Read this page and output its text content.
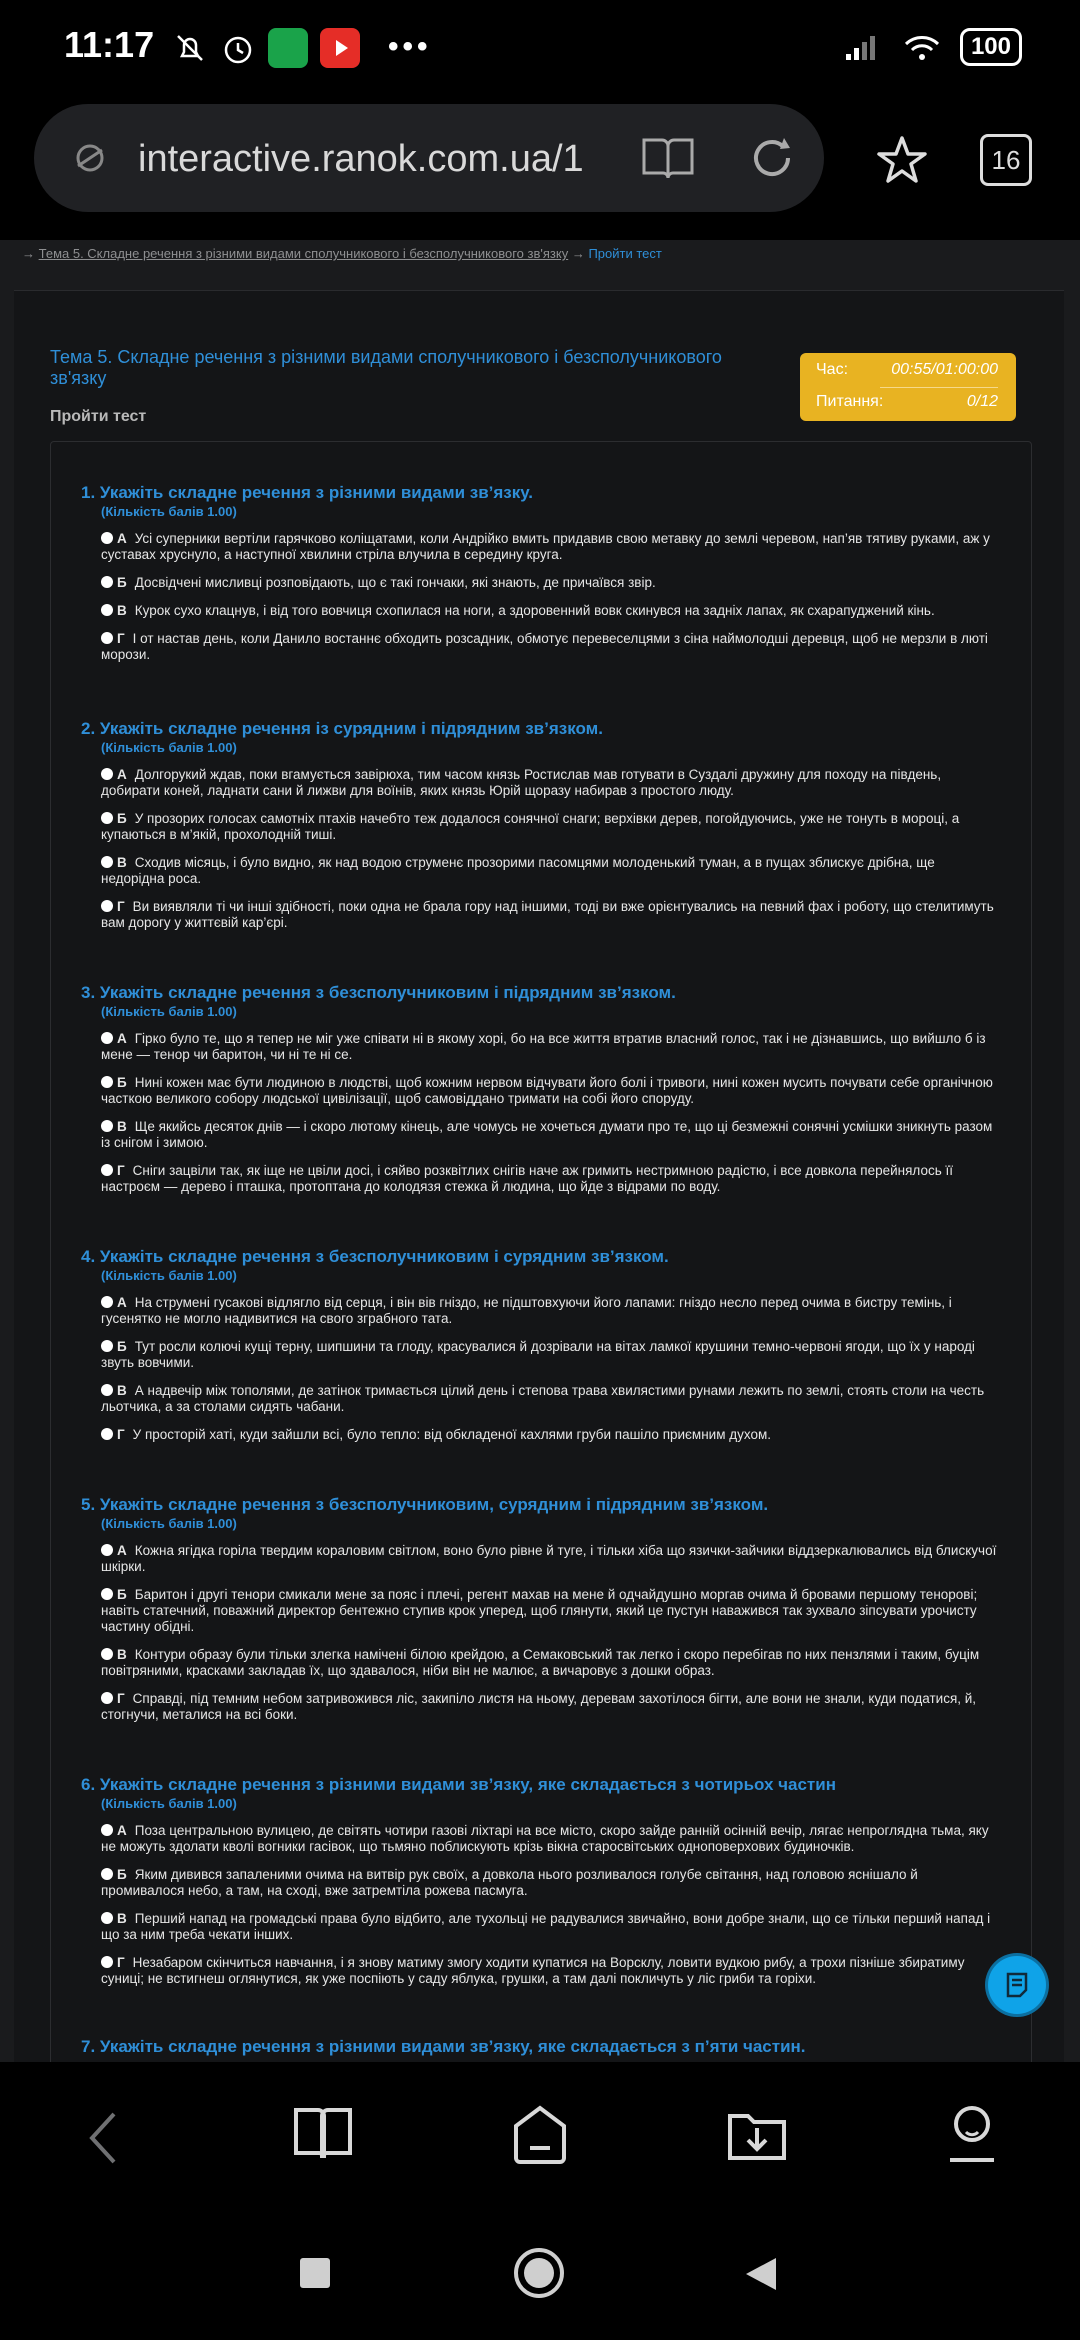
11:17	•••	100
interactive.ranok.com.ua/1	16
→ Тема 5. Складне речення з різними видами сполучникового і безсполучникового зв'язку → Пройти тест
Тема 5. Складне речення з різними видами сполучникового і безсполучникового зв'язку
Пройти тест
Час:	00:55/01:00:00
Питання:	0/12
1. Укажіть складне речення з різними видами зв’язку.
(Кількість балів 1.00)
А Усі суперники вертіли гарячково коліщатами, коли Андрійко вмить придавив свою метавку до землі черевом, нап’яв тятиву руками, аж у суставах хруснуло, а наступної хвилини стріла влучила в середину круга.
Б Досвідчені мисливці розповідають, що є такі гончаки, які знають, де причаївся звір.
В Курок сухо клацнув, і від того вовчиця схопилася на ноги, а здоровенний вовк скинувся на задніх лапах, як схарапуджений кінь.
Г І от настав день, коли Данило востаннє обходить розсадник, обмотує перевеселцями з сіна наймолодші деревця, щоб не мерзли в люті морози.
2. Укажіть складне речення із сурядним і підрядним зв’язком.
(Кількість балів 1.00)
А Долгорукий ждав, поки вгамується завірюха, тим часом князь Ростислав мав готувати в Суздалі дружину для походу на південь, добирати коней, ладнати сани й лижви для воїнів, яких князь Юрій щоразу набирав з простого люду.
Б У прозорих голосах самотніх птахів начебто теж додалося сонячної снаги; верхівки дерев, погойдуючись, уже не тонуть в мороці, а купаються в м’якій, прохолодній тиші.
В Сходив місяць, і було видно, як над водою струменє прозорими пасомцями молоденький туман, а в пущах зблискує дрібна, ще недорідна роса.
Г Ви виявляли ті чи інші здібності, поки одна не брала гору над іншими, тоді ви вже орієнтувались на певний фах і роботу, що стелитимуть вам дорогу у життєвій кар’єрі.
3. Укажіть складне речення з безсполучниковим і підрядним зв’язком.
(Кількість балів 1.00)
А Гірко було те, що я тепер не міг уже співати ні в якому хорі, бо на все життя втратив власний голос, так і не дізнавшись, що вийшло б із мене — тенор чи баритон, чи ні те ні се.
Б Нині кожен має бути людиною в людстві, щоб кожним нервом відчувати його болі і тривоги, нині кожен мусить почувати себе органічною часткою великого собору людської цивілізації, щоб самовіддано тримати на собі його споруду.
В Ще якийсь десяток днів — і скоро лютому кінець, але чомусь не хочеться думати про те, що ці безмежні сонячні усмішки зникнуть разом із снігом і зимою.
Г Сніги зацвіли так, як іще не цвіли досі, і сяйво розквітлих снігів наче аж гримить нестримною радістю, і все довкола перейнялось її настроєм — дерево і пташка, протоптана до колодязя стежка й людина, що йде з відрами по воду.
4. Укажіть складне речення з безсполучниковим і сурядним зв’язком.
(Кількість балів 1.00)
А На струмені гусакові відлягло від серця, і він вів гніздо, не підштовхуючи його лапами: гніздо несло перед очима в бистру темінь, і гусенятко не могло надивитися на свого зграбного тата.
Б Тут росли колючі кущі терну, шипшини та глоду, красувалися й дозрівали на вітах ламкої крушини темно-червоні ягоди, що їх у народі звуть вовчими.
В А надвечір між тополями, де затінок тримається цілий день і степова трава хвилястими рунами лежить по землі, стоять столи на честь льотчика, а за столами сидять чабани.
Г У просторій хаті, куди зайшли всі, було тепло: від обкладеної кахлями груби пашіло приємним духом.
5. Укажіть складне речення з безсполучниковим, сурядним і підрядним зв’язком.
(Кількість балів 1.00)
А Кожна ягідка горіла твердим кораловим світлом, воно було рівне й туге, і тільки хіба що язички-зайчики віддзеркалювались від блискучої шкірки.
Б Баритон і другі тенори смикали мене за пояс і плечі, регент махав на мене й одчайдушно моргав очима й бровами першому тенорові; навіть статечний, поважний директор бентежно ступив крок уперед, щоб глянути, який це пустун наважився так зухвало зіпсувати урочисту частину обідні.
В Контури образу були тільки злегка намічені білою крейдою, а Семаковський так легко і скоро перебігав по них пензлями і таким, буцім повітряними, красками закладав їх, що здавалося, ніби він не малює, а вичаровує з дошки образ.
Г Справді, під темним небом затривожився ліс, закипіло листя на ньому, деревам захотілося бігти, але вони не знали, куди податися, й, стогнучи, металися на всі боки.
6. Укажіть складне речення з різними видами зв’язку, яке складається з чотирьох частин
(Кількість балів 1.00)
А Поза центральною вулицею, де світять чотири газові ліхтарі на все місто, скоро зайде ранній осінній вечір, лягає непроглядна тьма, яку не можуть здолати кволі вогники гасівок, що тьмяно поблискують крізь вікна старосвітських одноповерхових будиночків.
Б Яким дивився запаленими очима на витвір рук своїх, а довкола нього розливалося голубе світання, над головою яснішало й промивалося небо, а там, на сході, вже затремтіла рожева пасмуга.
В Перший напад на громадські права було відбито, але тухольці не радувалися звичайно, вони добре знали, що се тільки перший напад і що за ним треба чекати інших.
Г Незабаром скінчиться навчання, і я знову матиму змогу ходити купатися на Ворсклу, ловити вудкою рибу, а трохи пізніше збиратиму суниці; не встигнеш оглянутися, як уже поспіють у саду яблука, грушки, а там далі покличуть у ліс гриби та горіхи.
7. Укажіть складне речення з різними видами зв’язку, яке складається з п’яти частин.
